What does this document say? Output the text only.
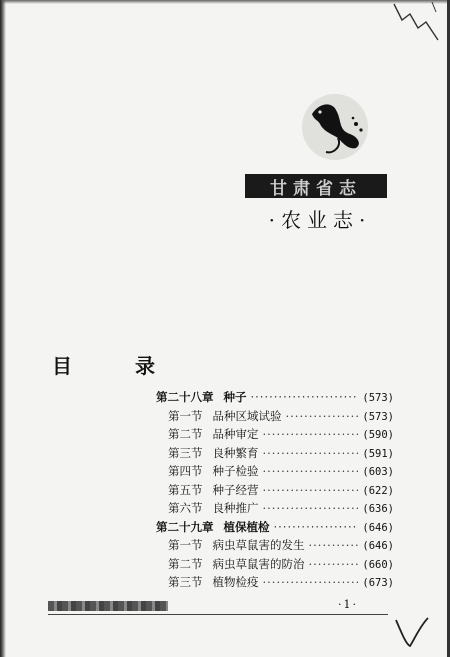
甘肃省志
·农业志·
目 录
第二十八章 种子 ·····	(573)
第一节 品种区域试验 ·····	(573)
第二节 品种审定 ·····	(590)
第三节 良种繁育 ·····	(591)
第四节 种子检验 ·····	(603)
第五节 种子经营 ·····	(622)
第六节 良种推广 ·····	(636)
第二十九章 植保植检 ·····	(646)
第一节 病虫草鼠害的发生 ·····	(646)
第二节 病虫草鼠害的防治 ·····	(660)
第三节 植物检疫 ·····	(673)
·1·
